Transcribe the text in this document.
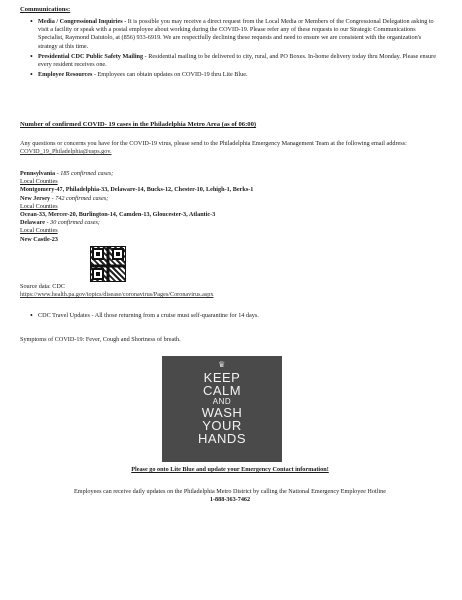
Communications:
• Media / Congressional Inquiries - It is possible you may receive a direct request from the Local Media or Members of the Congressional Delegation asking to visit a facility or speak with a postal employee about working during the COVID-19. Please refer any of these requests to our Strategic Communications Specialist, Raymond Daiutolo, at (856) 933-6919. We are respectfully declining these requests and need to ensure we are consistent with the organization's strategy at this time.
• Presidential CDC Public Safety Mailing - Residential mailing to be delivered to city, rural, and PO Boxes. In-home delivery today thru Monday. Please ensure every resident receives one.
• Employee Resources - Employees can obtain updates on COVID-19 thru Lite Blue.
Number of confirmed COVID- 19 cases in the Philadelphia Metro Area (as of 06:00)
Any questions or concerns you have for the COVID-19 virus, please send to the Philadelphia Emergency Management Team at the following email address: COVID_19_Philadelphia@usps.gov.
Pennsylvania - 185 confirmed cases;
Local Counties
Montgomery-47, Philadelphia-33, Delaware-14, Bucks-12, Chester-10, Lehigh-1, Berks-1
New Jersey - 742 confirmed cases;
Local Counties
Ocean-33, Mercer-20, Burlington-14, Camden-13, Gloucester-3, Atlantic-3
Delaware - 30 confirmed cases;
Local Counties
New Castle-23
Source data: CDC
https://www.health.pa.gov/topics/disease/coronavirus/Pages/Coronavirus.aspx
• CDC Travel Updates - All those returning from a cruise must self-quarantine for 14 days.
Symptoms of COVID-19: Fever, Cough and Shortness of breath.
♛
KEEP
CALM
AND
WASH
YOUR
HANDS
Please go onto Lite Blue and update your Emergency Contact information!
Employees can receive daily updates on the Philadelphia Metro District by calling the National Emergency Employee Hotline
1-888-363-7462
